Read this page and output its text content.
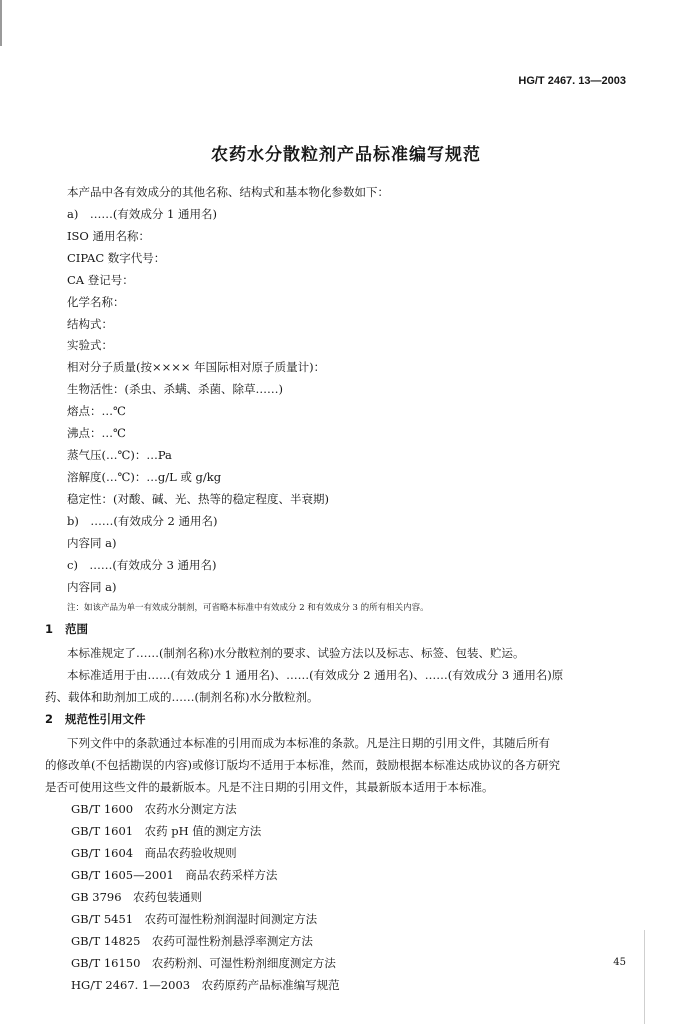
HG/T 2467. 13—2003
农药水分散粒剂产品标准编写规范
本产品中各有效成分的其他名称、结构式和基本物化参数如下：
a)　……(有效成分 1 通用名)
ISO 通用名称：
CIPAC 数字代号：
CA 登记号：
化学名称：
结构式：
实验式：
相对分子质量(按×××× 年国际相对原子质量计)：
生物活性：(杀虫、杀螨、杀菌、除草……)
熔点：…℃
沸点：…℃
蒸气压(…℃)：…Pa
溶解度(…℃)：…g/L 或 g/kg
稳定性：(对酸、碱、光、热等的稳定程度、半衰期)
b)　……(有效成分 2 通用名)
内容同 a)
c)　……(有效成分 3 通用名)
内容同 a)
注：如该产品为单一有效成分制剂，可省略本标准中有效成分 2 和有效成分 3 的所有相关内容。
1 范围
本标准规定了……(制剂名称)水分散粒剂的要求、试验方法以及标志、标签、包装、贮运。
本标准适用于由……(有效成分 1 通用名)、……(有效成分 2 通用名)、……(有效成分 3 通用名)原
药、载体和助剂加工成的……(制剂名称)水分散粒剂。
2 规范性引用文件
下列文件中的条款通过本标准的引用而成为本标准的条款。凡是注日期的引用文件，其随后所有
的修改单(不包括勘误的内容)或修订版均不适用于本标准，然而，鼓励根据本标准达成协议的各方研究
是否可使用这些文件的最新版本。凡是不注日期的引用文件，其最新版本适用于本标准。
GB/T 1600　农药水分测定方法
GB/T 1601　农药 pH 值的测定方法
GB/T 1604　商品农药验收规则
GB/T 1605—2001　商品农药采样方法
GB 3796　农药包装通则
GB/T 5451　农药可湿性粉剂润湿时间测定方法
GB/T 14825　农药可湿性粉剂悬浮率测定方法
GB/T 16150　农药粉剂、可湿性粉剂细度测定方法
HG/T 2467. 1—2003　农药原药产品标准编写规范
45
